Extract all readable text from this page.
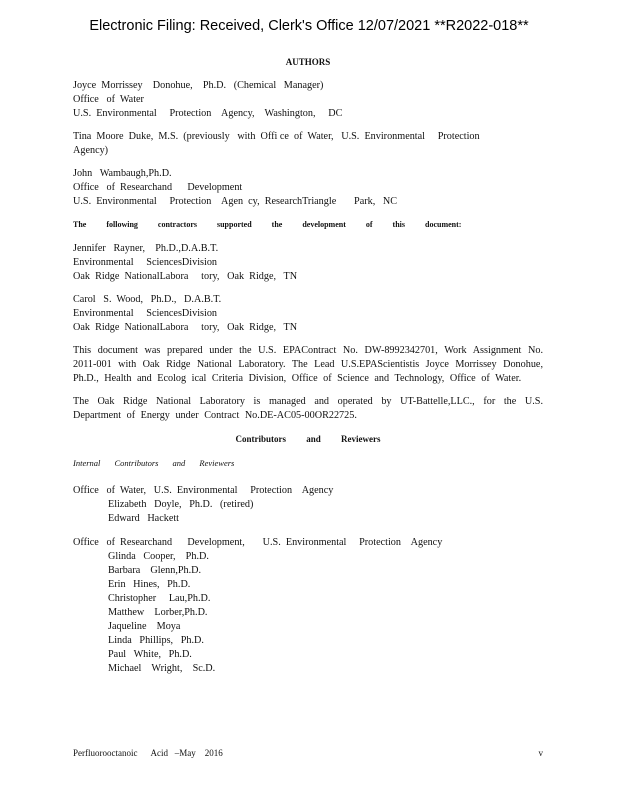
Electronic Filing: Received, Clerk's Office 12/07/2021 **R2022-018**
AUTHORS

Joyce  Morrissey    Donohue,    Ph.D.   (Chemical   Manager)

Office   of  Water

U.S.  Environmental     Protection    Agency,    Washington,     DC

Tina  Moore  Duke,  M.S.  (previously   with  Offi ce  of  Water,   U.S.  Environmental     Protection

Agency)

John   Wambaugh,Ph.D.

Office   of  Researchand      Development

U.S.  Environmental     Protection    Agen  cy,  ResearchTriangle       Park,   NC

The following contractors supported the development of this document:

Jennifer   Rayner,    Ph.D.,D.A.B.T.

Environmental     SciencesDivision

Oak  Ridge  NationalLabora     tory,   Oak  Ridge,   TN

Carol   S.  Wood,   Ph.D.,   D.A.B.T.

Environmental     SciencesDivision

Oak  Ridge  NationalLabora     tory,   Oak  Ridge,   TN

This document was prepared under the U.S. EPAContract No. DW-8992342701, Work Assignment No. 2011-001 with Oak Ridge National Laboratory. The Lead U.S.EPAScientistis Joyce Morrissey Donohue, Ph.D., Health and Ecolog ical Criteria Division, Office of Science and Technology, Office of Water.

The Oak Ridge National Laboratory is managed and operated by UT-Battelle,LLC., for the U.S. Department of Energy under Contract No.DE-AC05-00OR22725.

Contributors and Reviewers
Internal Contributors and Reviewers

Office   of  Water,   U.S.  Environmental     Protection    Agency

Elizabeth   Doyle,   Ph.D.   (retired)

Edward   Hackett

Office   of  Researchand      Development,       U.S.  Environmental     Protection    Agency

Glinda   Cooper,    Ph.D.

Barbara    Glenn,Ph.D.

Erin   Hines,   Ph.D.

Christopher     Lau,Ph.D.

Matthew    Lorber,Ph.D.

Jaqueline    Moya

Linda   Phillips,   Ph.D.

Paul   White,   Ph.D.

Michael    Wright,    Sc.D.

Perfluorooctanoic      Acid   –May    2016	v
